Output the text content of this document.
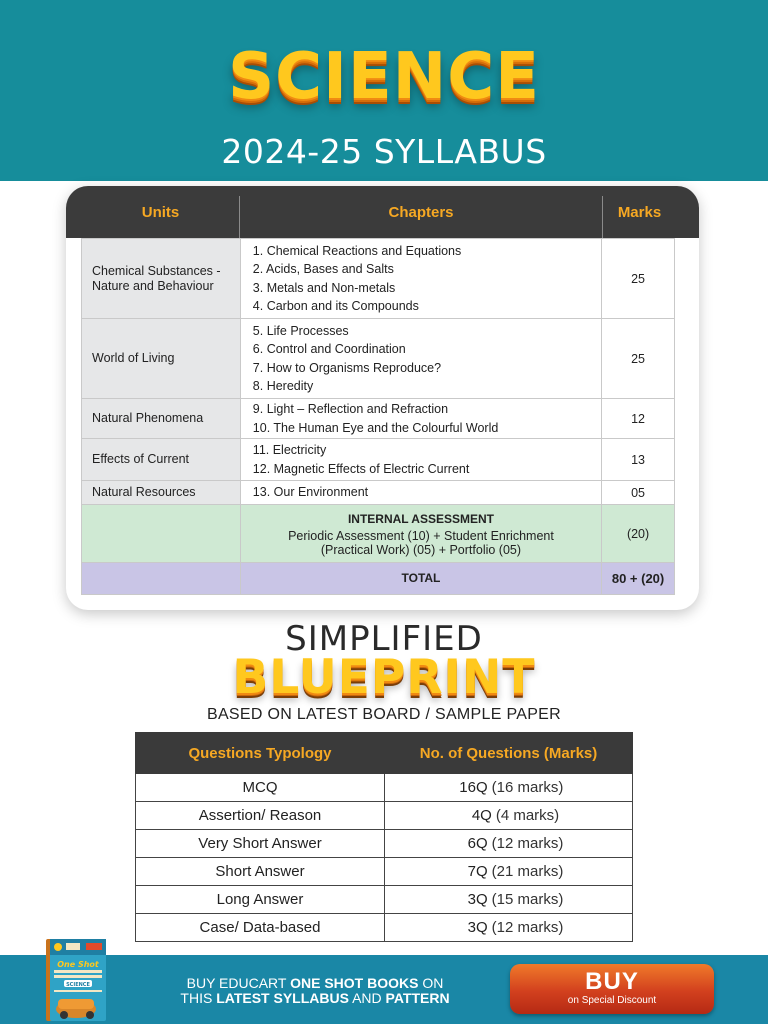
SCIENCE
2024-25 SYLLABUS
Units	Chapters	Marks
Chemical Substances - Nature and Behaviour	1. Chemical Reactions and Equations
2. Acids, Bases and Salts
3. Metals and Non-metals
4. Carbon and its Compounds	25
World of Living	5. Life Processes
6. Control and Coordination
7. How to Organisms Reproduce?
8. Heredity	25
Natural Phenomena	9. Light – Reflection and Refraction
10. The Human Eye and the Colourful World	12
Effects of Current	11. Electricity
12. Magnetic Effects of Electric Current	13
Natural Resources	13. Our Environment	05

	INTERNAL ASSESSMENT
Periodic Assessment (10) + Student Enrichment
(Practical Work) (05) + Portfolio (05)	(20)
	TOTAL	80 + (20)
SIMPLIFIED
BLUEPRINT
BASED ON LATEST BOARD / SAMPLE PAPER
Questions Typology	No. of Questions (Marks)
MCQ	16Q (16 marks)
Assertion/ Reason	4Q (4 marks)
Very Short Answer	6Q (12 marks)
Short Answer	7Q (21 marks)
Long Answer	3Q (15 marks)
Case/ Data-based	3Q (12 marks)
One Shot
SCIENCE	BUY EDUCART ONE SHOT BOOKS ON
THIS LATEST SYLLABUS AND PATTERN
BUY
on Special Discount
